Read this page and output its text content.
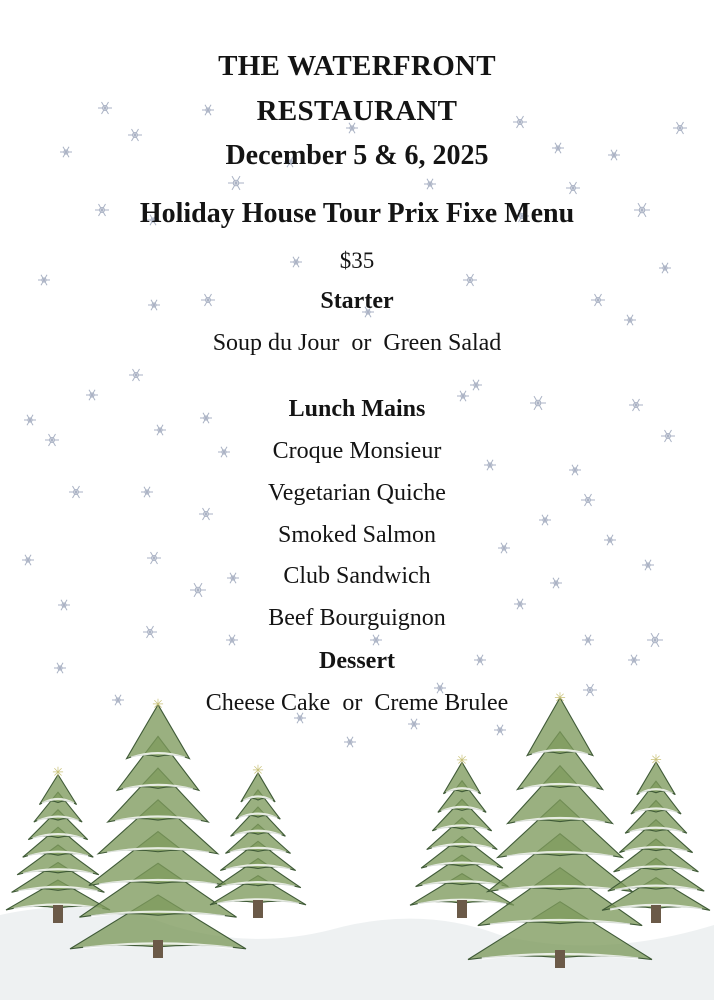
THE WATERFRONT
RESTAURANT
December 5 & 6, 2025
Holiday House Tour Prix Fixe Menu
$35
Starter
Soup du Jour  or  Green Salad
Lunch Mains
Croque Monsieur
Vegetarian Quiche
Smoked Salmon
Club Sandwich
Beef Bourguignon
Dessert
Cheese Cake  or  Creme Brulee
✳
✳
✳
✳
✳
✳
